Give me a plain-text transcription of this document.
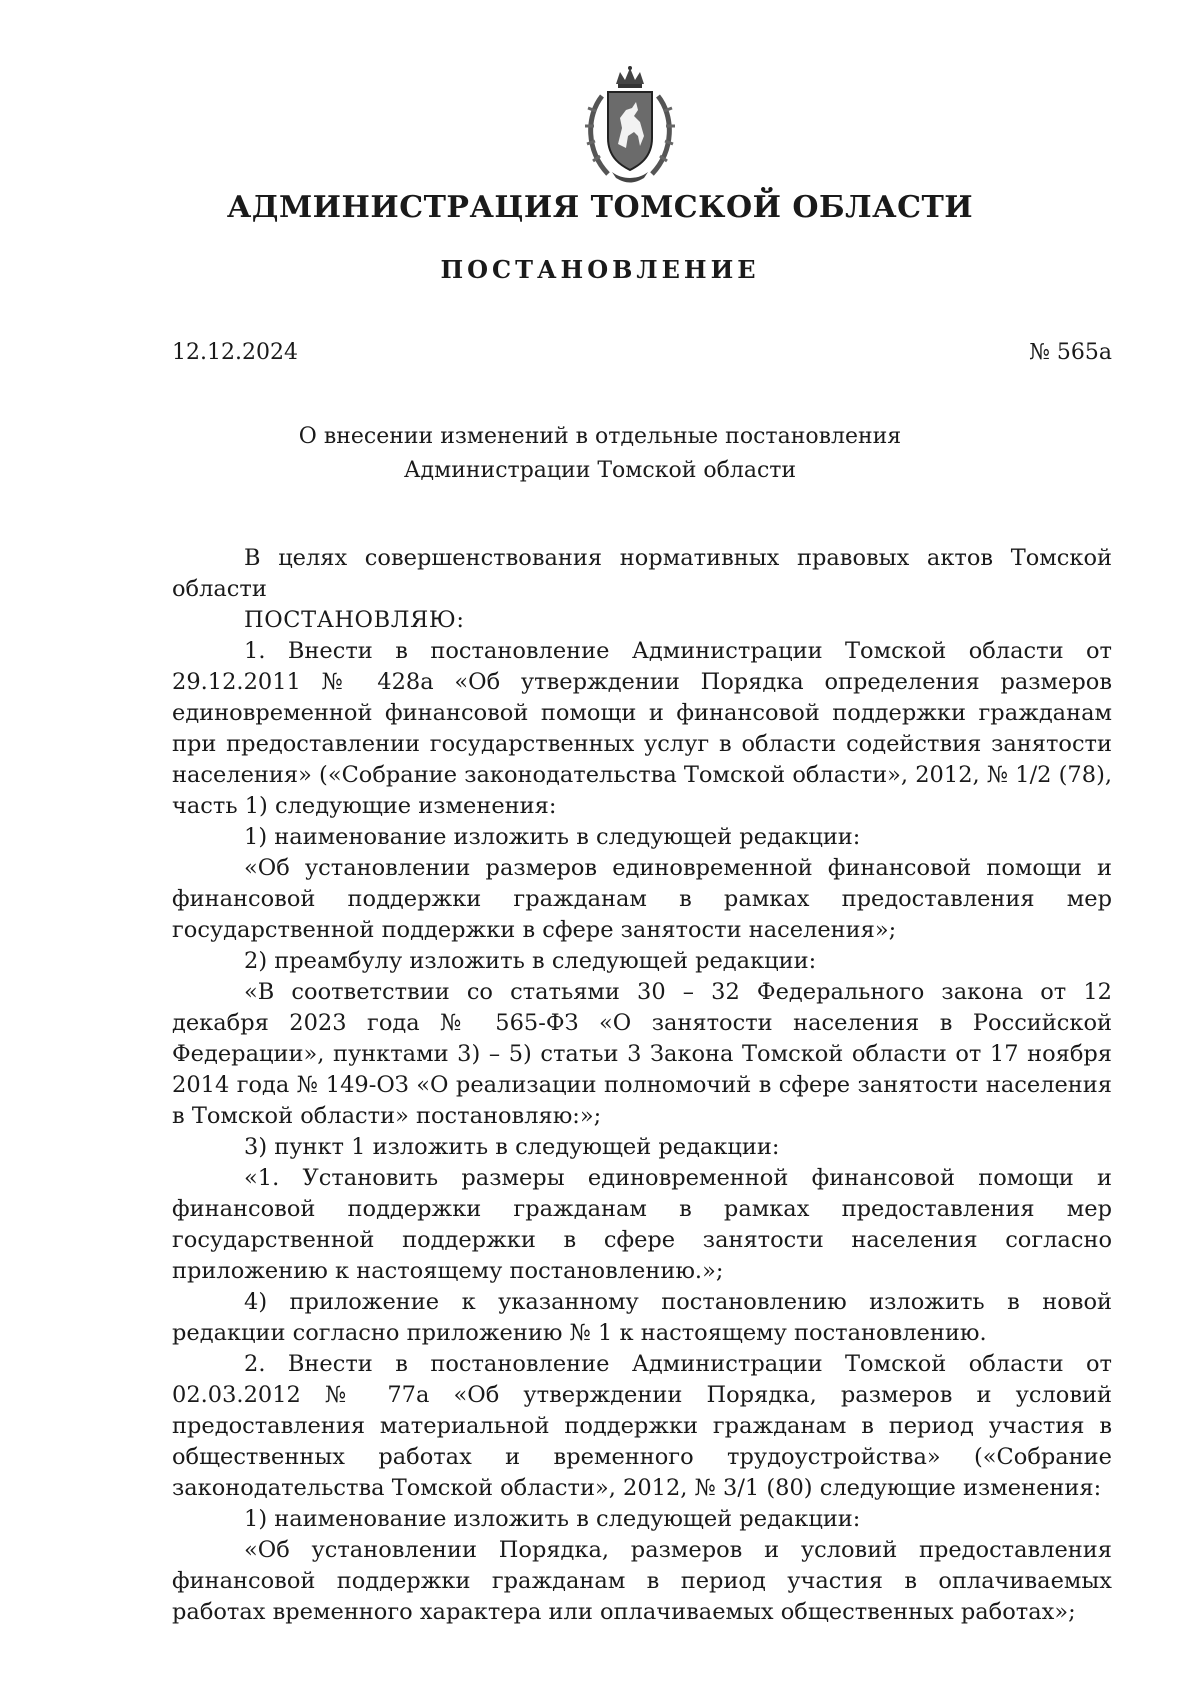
АДМИНИСТРАЦИЯ ТОМСКОЙ ОБЛАСТИ
ПОСТАНОВЛЕНИЕ
12.12.2024	№ 565а
О внесении изменений в отдельные постановления
Администрации Томской области

В целях совершенствования нормативных правовых актов Томской области

ПОСТАНОВЛЯЮ:

1. Внести в постановление Администрации Томской области от 29.12.2011 № 428а «Об утверждении Порядка определения размеров единовременной финансовой помощи и финансовой поддержки гражданам при предоставлении государственных услуг в области содействия занятости населения» («Собрание законодательства Томской области», 2012, № 1/2 (78), часть 1) следующие изменения:

1) наименование изложить в следующей редакции:

«Об установлении размеров единовременной финансовой помощи и финансовой поддержки гражданам в рамках предоставления мер государственной поддержки в сфере занятости населения»;

2) преамбулу изложить в следующей редакции:

«В соответствии со статьями 30 – 32 Федерального закона от 12 декабря 2023 года № 565-ФЗ «О занятости населения в Российской Федерации», пунктами 3) – 5) статьи 3 Закона Томской области от 17 ноября 2014 года № 149-ОЗ «О реализации полномочий в сфере занятости населения в Томской области» постановляю:»;

3) пункт 1 изложить в следующей редакции:

«1. Установить размеры единовременной финансовой помощи и финансовой поддержки гражданам в рамках предоставления мер государственной поддержки в сфере занятости населения согласно приложению к настоящему постановлению.»;

4) приложение к указанному постановлению изложить в новой редакции согласно приложению № 1 к настоящему постановлению.

2. Внести в постановление Администрации Томской области от 02.03.2012 № 77а «Об утверждении Порядка, размеров и условий предоставления материальной поддержки гражданам в период участия в общественных работах и временного трудоустройства» («Собрание законодательства Томской области», 2012, № 3/1 (80) следующие изменения:

1) наименование изложить в следующей редакции:

«Об установлении Порядка, размеров и условий предоставления финансовой поддержки гражданам в период участия в оплачиваемых работах временного характера или оплачиваемых общественных работах»;
